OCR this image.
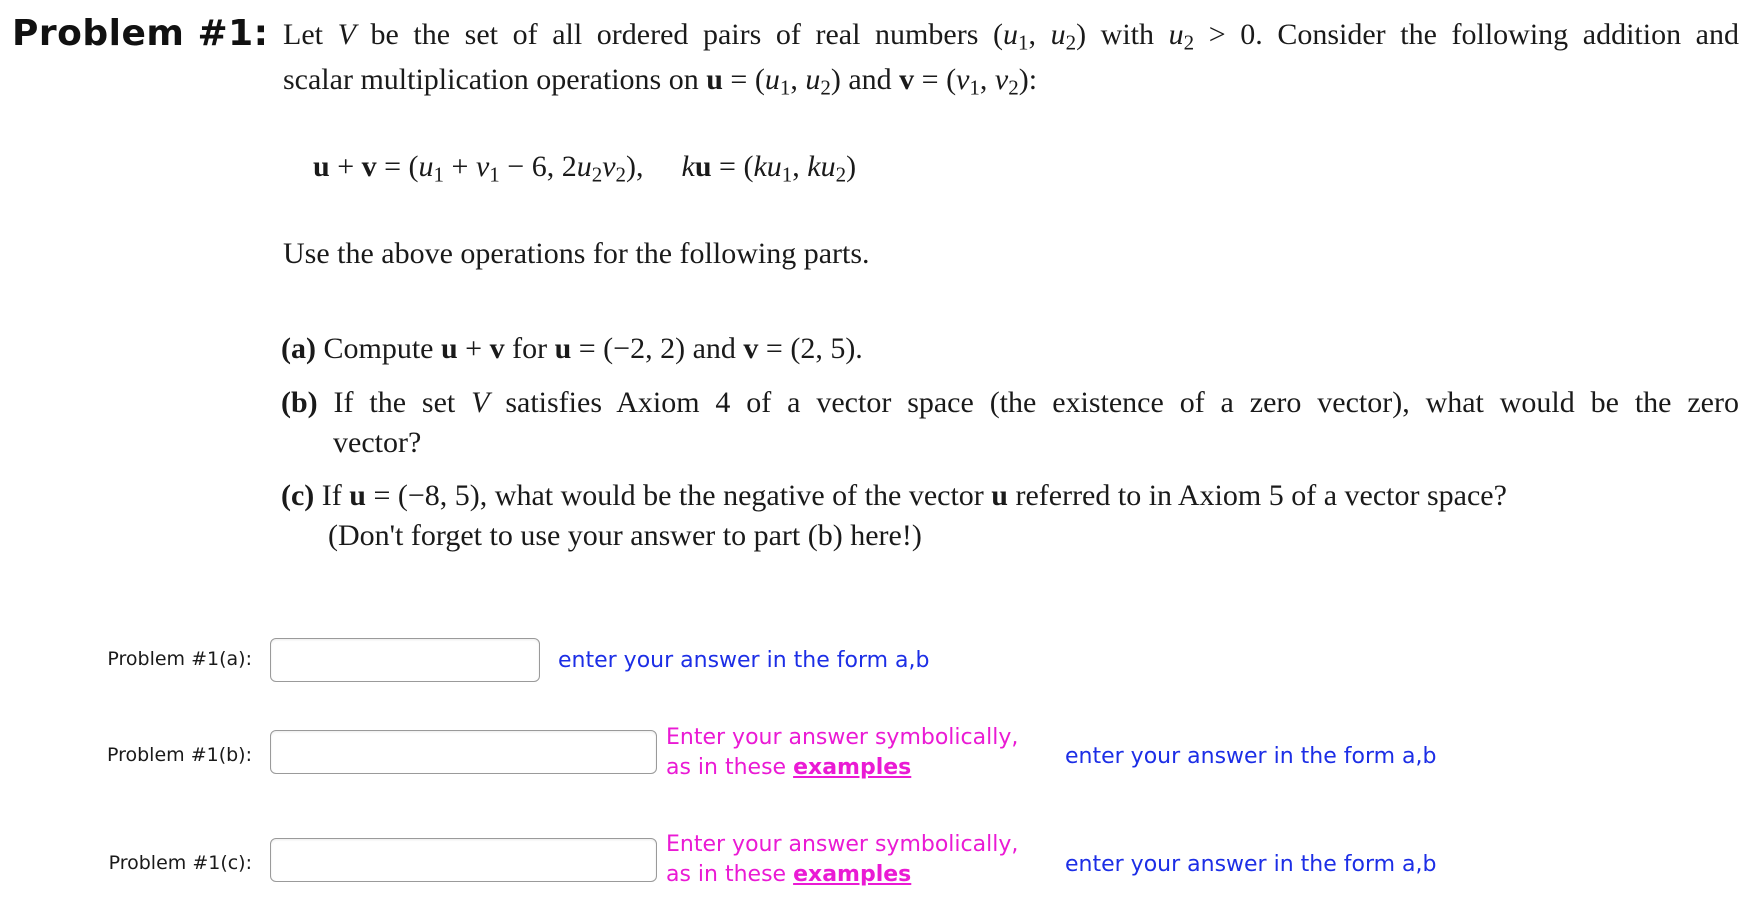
Problem #1: Let V be the set of all ordered pairs of real numbers ($u_1$, $u_2$) with $u_2 > 0$. Consider the following addition and
scalar multiplication operations on $u = (u_1$, $u_2$) and $v = (v_1$, $v_2$):
$u + v = (u_1 + v_1 - 6$, $2u_2v_2$), ku = ($ku_1$, $ku_2$)
Use the above operations for the following parts.
(a) Compute u + v for u = (−2, 2) and v = (2, 5).
(b) If the set V satisfies Axiom 4 of a vector space (the existence of a zero vector), what would be the zero
vector?
(c) If u = (−8, 5), what would be the negative of the vector u referred to in Axiom 5 of a vector space?
(Don't forget to use your answer to part (b) here!)
Problem #1(a):	enter your answer in the form a,b
Problem #1(b):
Enter your answer symbolically,
as in these examples	enter your answer in the form a,b
Problem #1(c):
Enter your answer symbolically,
as in these examples	enter your answer in the form a,b
